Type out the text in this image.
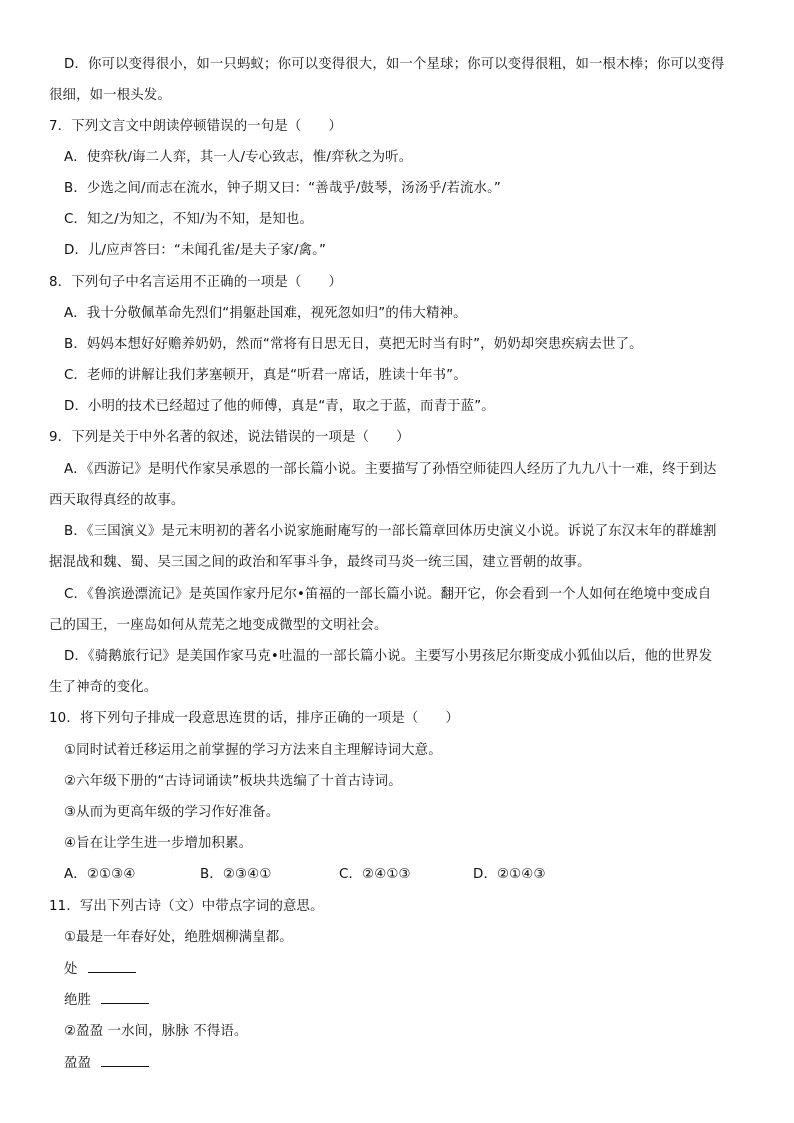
D．你可以变得很小，如一只蚂蚁；你可以变得很大，如一个星球；你可以变得很粗，如一根木棒；你可以变得
很细，如一根头发。
7．下列文言文中朗读停顿错误的一句是（　　）
A．使弈秋/诲二人弈，其一人/专心致志，惟/弈秋之为听。
B．少选之间/而志在流水，钟子期又曰：“善哉乎/鼓琴，汤汤乎/若流水。”
C．知之/为知之，不知/为不知，是知也。
D．儿/应声答曰：“未闻孔雀/是夫子家/禽。”
8．下列句子中名言运用不正确的一项是（　　）
A．我十分敬佩革命先烈们“捐躯赴国难，视死忽如归”的伟大精神。
B．妈妈本想好好赡养奶奶，然而“常将有日思无日，莫把无时当有时”，奶奶却突患疾病去世了。
C．老师的讲解让我们茅塞顿开，真是“听君一席话，胜读十年书”。
D．小明的技术已经超过了他的师傅，真是“青，取之于蓝，而青于蓝”。
9．下列是关于中外名著的叙述，说法错误的一项是（　　）
A．《西游记》是明代作家吴承恩的一部长篇小说。主要描写了孙悟空师徒四人经历了九九八十一难，终于到达
西天取得真经的故事。
B．《三国演义》是元末明初的著名小说家施耐庵写的一部长篇章回体历史演义小说。诉说了东汉末年的群雄割
据混战和魏、蜀、吴三国之间的政治和军事斗争，最终司马炎一统三国，建立晋朝的故事。
C．《鲁滨逊漂流记》是英国作家丹尼尔•笛福的一部长篇小说。翻开它，你会看到一个人如何在绝境中变成自
己的国王，一座岛如何从荒芜之地变成微型的文明社会。
D．《骑鹅旅行记》是美国作家马克•吐温的一部长篇小说。主要写小男孩尼尔斯变成小狐仙以后，他的世界发
生了神奇的变化。
10．将下列句子排成一段意思连贯的话，排序正确的一项是（　　）
①同时试着迁移运用之前掌握的学习方法来自主理解诗词大意。
②六年级下册的“古诗词诵读”板块共选编了十首古诗词。
③从而为更高年级的学习作好准备。
④旨在让学生进一步增加积累。
A．②①③④	B．②③④①	C．②④①③	D．②①④③
11．写出下列古诗（文）中带点字词的意思。
①最是一年春好处，绝胜烟柳满皇都。
处
绝胜
②盈盈 一水间，脉脉 不得语。
盈盈
